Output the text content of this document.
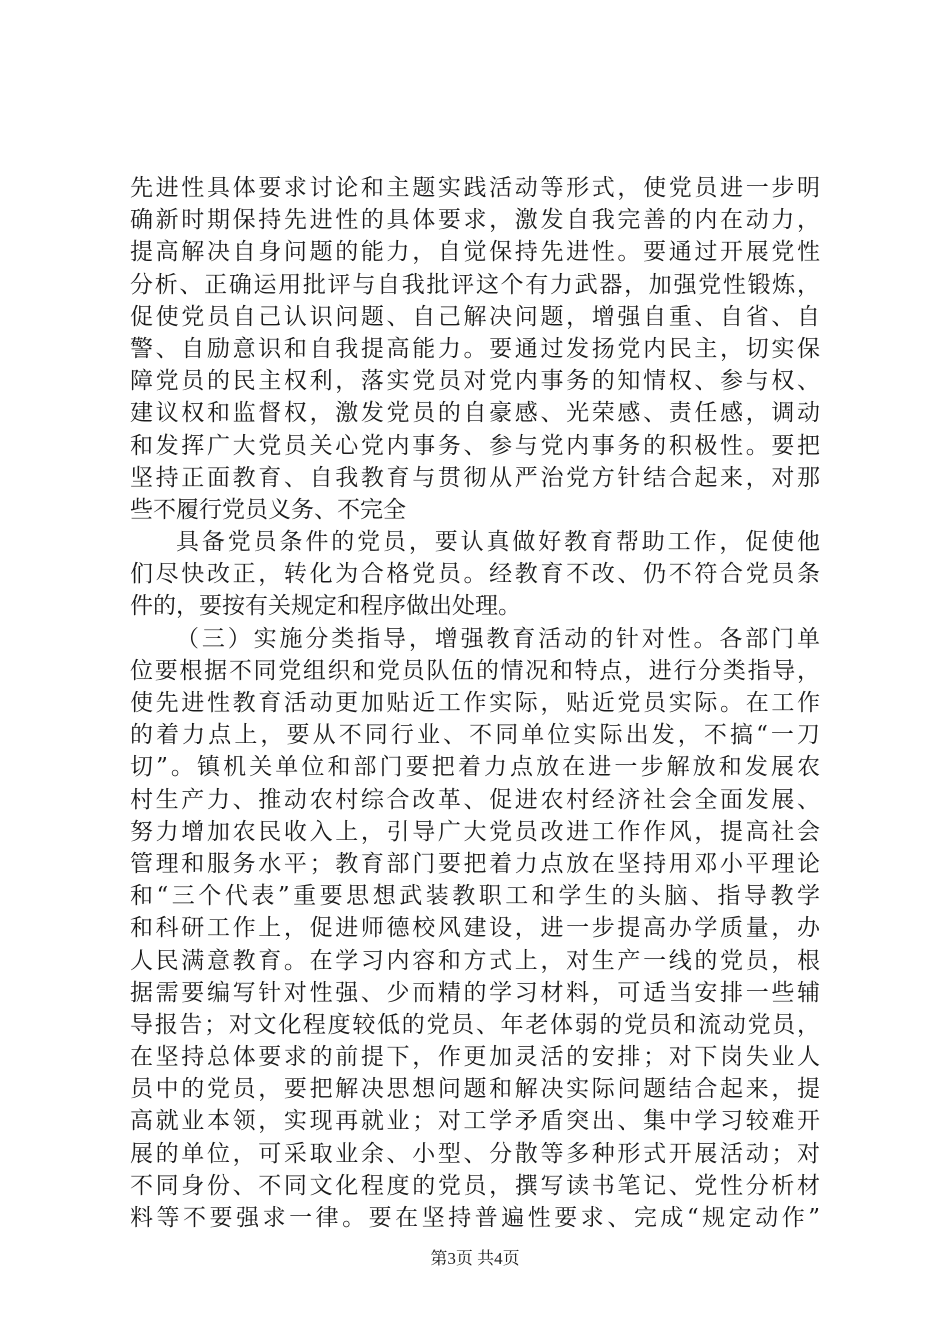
先进性具体要求讨论和主题实践活动等形式，使党员进一步明
确新时期保持先进性的具体要求，激发自我完善的内在动力，
提高解决自身问题的能力，自觉保持先进性。要通过开展党性
分析、正确运用批评与自我批评这个有力武器，加强党性锻炼，
促使党员自己认识问题、自己解决问题，增强自重、自省、自
警、自励意识和自我提高能力。要通过发扬党内民主，切实保
障党员的民主权利，落实党员对党内事务的知情权、参与权、
建议权和监督权，激发党员的自豪感、光荣感、责任感，调动
和发挥广大党员关心党内事务、参与党内事务的积极性。要把
坚持正面教育、自我教育与贯彻从严治党方针结合起来，对那
些不履行党员义务、不完全
具备党员条件的党员，要认真做好教育帮助工作，促使他
们尽快改正，转化为合格党员。经教育不改、仍不符合党员条
件的，要按有关规定和程序做出处理。
（三）实施分类指导，增强教育活动的针对性。各部门单
位要根据不同党组织和党员队伍的情况和特点，进行分类指导，
使先进性教育活动更加贴近工作实际，贴近党员实际。在工作
的着力点上，要从不同行业、不同单位实际出发，不搞“一刀
切”。镇机关单位和部门要把着力点放在进一步解放和发展农
村生产力、推动农村综合改革、促进农村经济社会全面发展、
努力增加农民收入上，引导广大党员改进工作作风，提高社会
管理和服务水平；教育部门要把着力点放在坚持用邓小平理论
和“三个代表”重要思想武装教职工和学生的头脑、指导教学
和科研工作上，促进师德校风建设，进一步提高办学质量，办
人民满意教育。在学习内容和方式上，对生产一线的党员，根
据需要编写针对性强、少而精的学习材料，可适当安排一些辅
导报告；对文化程度较低的党员、年老体弱的党员和流动党员，
在坚持总体要求的前提下，作更加灵活的安排；对下岗失业人
员中的党员，要把解决思想问题和解决实际问题结合起来，提
高就业本领，实现再就业；对工学矛盾突出、集中学习较难开
展的单位，可采取业余、小型、分散等多种形式开展活动；对
不同身份、不同文化程度的党员，撰写读书笔记、党性分析材
料等不要强求一律。要在坚持普遍性要求、完成“规定动作”
第3页 共4页
